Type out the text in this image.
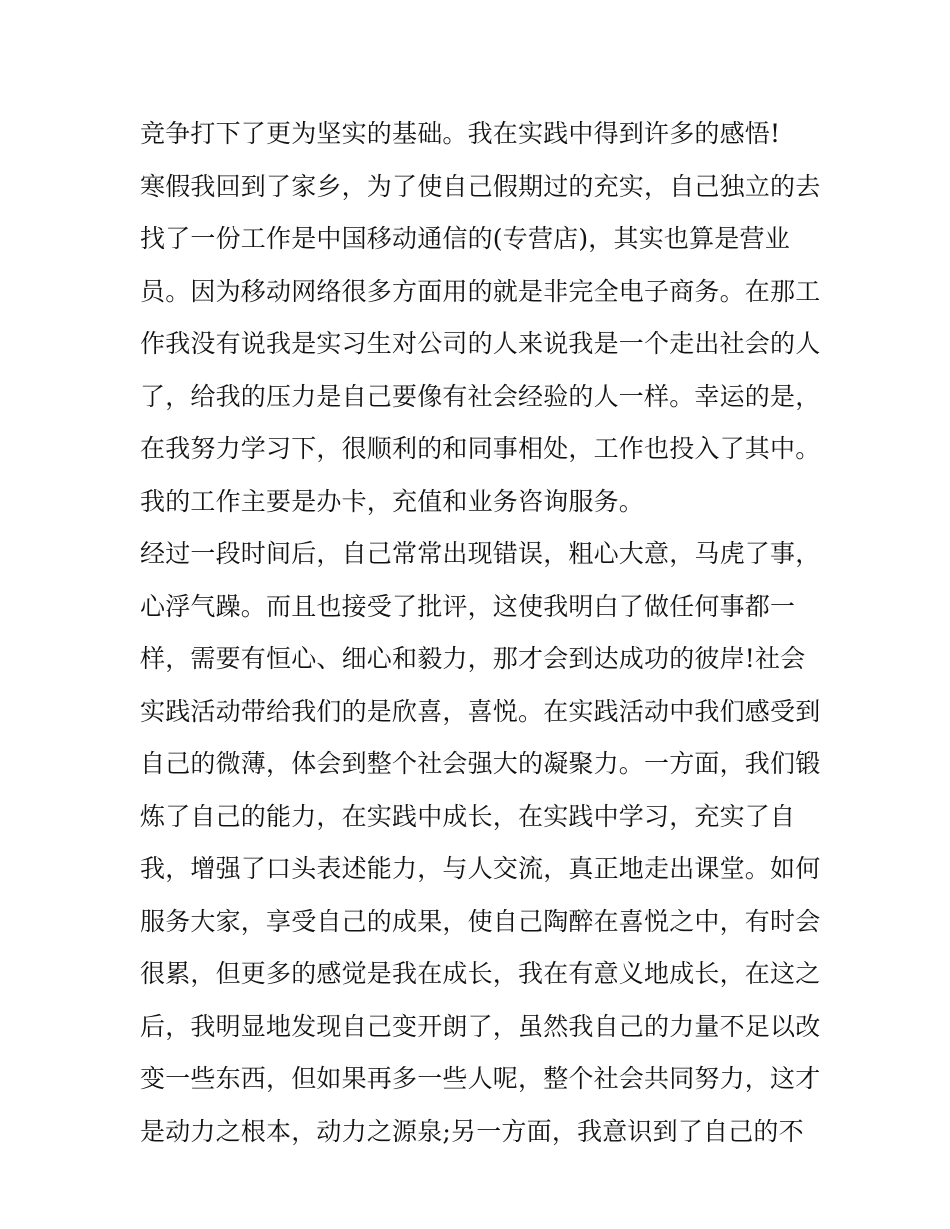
竞争打下了更为坚实的基础。我在实践中得到许多的感悟!
寒假我回到了家乡，为了使自己假期过的充实，自己独立的去
找了一份工作是中国移动通信的(专营店)，其实也算是营业
员。因为移动网络很多方面用的就是非完全电子商务。在那工
作我没有说我是实习生对公司的人来说我是一个走出社会的人
了，给我的压力是自己要像有社会经验的人一样。幸运的是，
在我努力学习下，很顺利的和同事相处，工作也投入了其中。
我的工作主要是办卡，充值和业务咨询服务。
经过一段时间后，自己常常出现错误，粗心大意，马虎了事，
心浮气躁。而且也接受了批评，这使我明白了做任何事都一
样，需要有恒心、细心和毅力，那才会到达成功的彼岸!社会
实践活动带给我们的是欣喜，喜悦。在实践活动中我们感受到
自己的微薄，体会到整个社会强大的凝聚力。一方面，我们锻
炼了自己的能力，在实践中成长，在实践中学习，充实了自
我，增强了口头表述能力，与人交流，真正地走出课堂。如何
服务大家，享受自己的成果，使自己陶醉在喜悦之中，有时会
很累，但更多的感觉是我在成长，我在有意义地成长，在这之
后，我明显地发现自己变开朗了，虽然我自己的力量不足以改
变一些东西，但如果再多一些人呢，整个社会共同努力，这才
是动力之根本，动力之源泉;另一方面，我意识到了自己的不
